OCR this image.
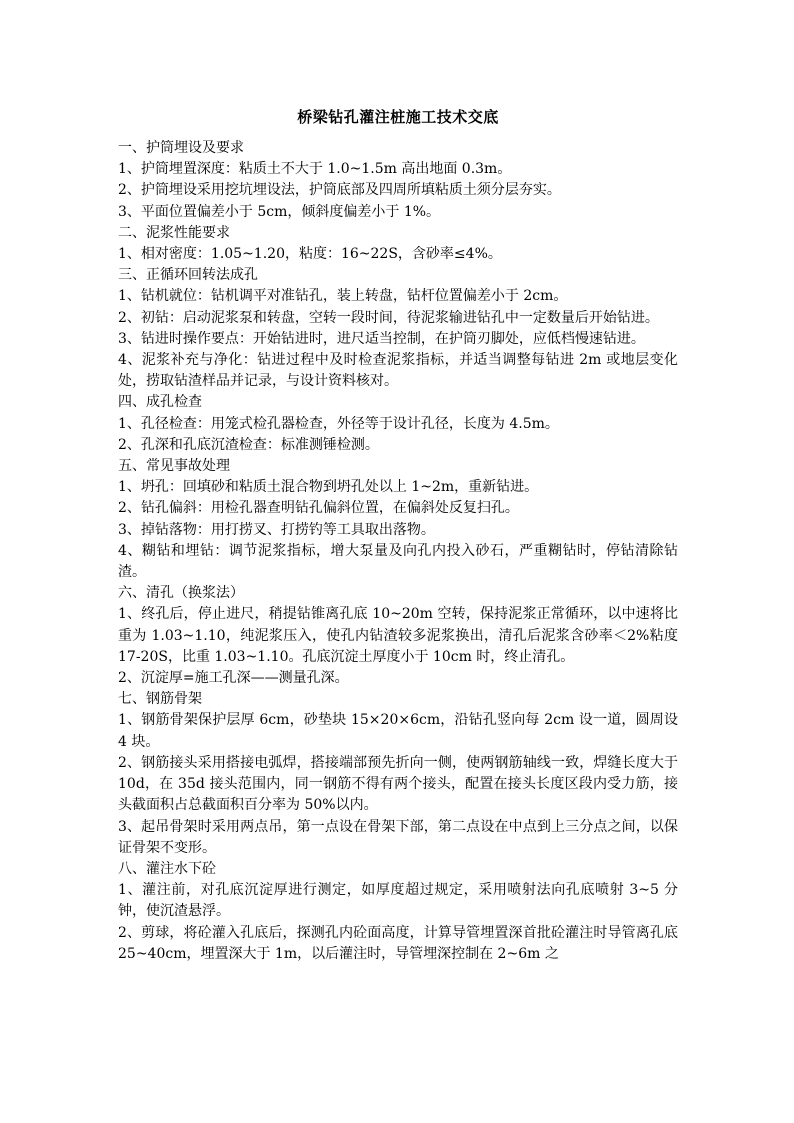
桥梁钻孔灌注桩施工技术交底
一、护筒埋设及要求
1、护筒埋置深度：粘质土不大于 1.0~1.5m 高出地面 0.3m。
2、护筒埋设采用挖坑埋设法，护筒底部及四周所填粘质土须分层夯实。
3、平面位置偏差小于 5cm，倾斜度偏差小于 1%。
二、泥浆性能要求
1、相对密度：1.05~1.20，粘度：16~22S，含砂率≤4%。
三、正循环回转法成孔
1、钻机就位：钻机调平对准钻孔，装上转盘，钻杆位置偏差小于 2cm。
2、初钻：启动泥浆泵和转盘，空转一段时间，待泥浆输进钻孔中一定数量后开始钻进。
3、钻进时操作要点：开始钻进时，进尺适当控制，在护筒刃脚处，应低档慢速钻进。
4、泥浆补充与净化：钻进过程中及时检查泥浆指标，并适当调整每钻进 2m 或地层变化处，捞取钻渣样品并记录，与设计资料核对。
四、成孔检查
1、孔径检查：用笼式检孔器检查，外径等于设计孔径，长度为 4.5m。
2、孔深和孔底沉渣检查：标准测锤检测。
五、常见事故处理
1、坍孔：回填砂和粘质土混合物到坍孔处以上 1~2m，重新钻进。
2、钻孔偏斜：用检孔器查明钻孔偏斜位置，在偏斜处反复扫孔。
3、掉钻落物：用打捞叉、打捞钓等工具取出落物。
4、糊钻和埋钻：调节泥浆指标，增大泵量及向孔内投入砂石，严重糊钻时，停钻清除钻渣。
六、清孔（换浆法）
1、终孔后，停止进尺，稍提钻锥离孔底 10~20m 空转，保持泥浆正常循环，以中速将比重为 1.03~1.10，纯泥浆压入，使孔内钻渣较多泥浆换出，清孔后泥浆含砂率＜2%粘度 17-20S，比重 1.03~1.10。孔底沉淀土厚度小于 10cm 时，终止清孔。
2、沉淀厚=施工孔深——测量孔深。
七、钢筋骨架
1、钢筋骨架保护层厚 6cm，砂垫块 15×20×6cm，沿钻孔竖向每 2cm 设一道，圆周设 4 块。
2、钢筋接头采用搭接电弧焊，搭接端部预先折向一侧，使两钢筋轴线一致，焊缝长度大于 10d，在 35d 接头范围内，同一钢筋不得有两个接头，配置在接头长度区段内受力筋，接头截面积占总截面积百分率为 50%以内。
3、起吊骨架时采用两点吊，第一点设在骨架下部，第二点设在中点到上三分点之间，以保证骨架不变形。
八、灌注水下砼
1、灌注前，对孔底沉淀厚进行测定，如厚度超过规定，采用喷射法向孔底喷射 3~5 分钟，使沉渣悬浮。
2、剪球，将砼灌入孔底后，探测孔内砼面高度，计算导管埋置深首批砼灌注时导管离孔底 25~40cm，埋置深大于 1m，以后灌注时，导管埋深控制在 2~6m 之
